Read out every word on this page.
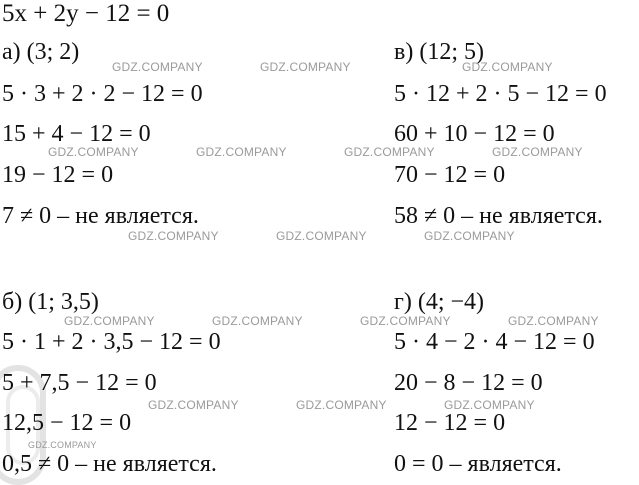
5x + 2y − 12 = 0
а) (3; 2)
5 · 3 + 2 · 2 − 12 = 0
15 + 4 − 12 = 0
19 − 12 = 0
7 ≠ 0 – не является.
в) (12; 5)
5 · 12 + 2 · 5 − 12 = 0
60 + 10 − 12 = 0
70 − 12 = 0
58 ≠ 0 – не является.
б) (1; 3,5)
5 · 1 + 2 · 3,5 − 12 = 0
5 + 7,5 − 12 = 0
12,5 − 12 = 0
0,5 ≠ 0 – не является.
г) (4; −4)
5 · 4 − 2 · 4 − 12 = 0
20 − 8 − 12 = 0
12 − 12 = 0
0 = 0 – является.
GDZ.COMPANY	GDZ.COMPANY	GDZ.COMPANY
GDZ.COMPANY	GDZ.COMPANY	GDZ.COMPANY	GDZ.COMPANY
GDZ.COMPANY	GDZ.COMPANY	GDZ.COMPANY
GDZ.COMPANY	GDZ.COMPANY	GDZ.COMPANY	GDZ.COMPANY
GDZ.COMPANY	GDZ.COMPANY	GDZ.COMPANY
GDZ.COMPANY
